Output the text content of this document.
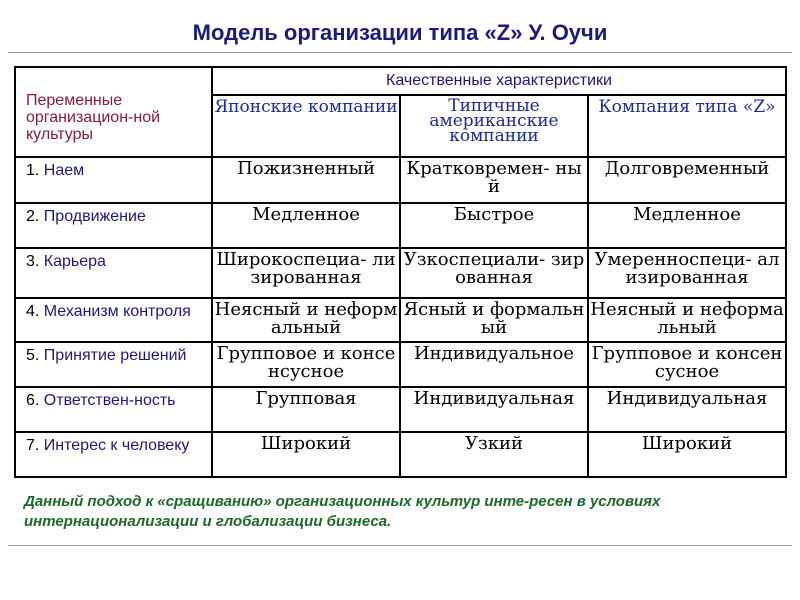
Модель организации типа «Z» У. Оучи
Переменные организацион-ной культуры	Качественные характеристики		

	Японские компании	Типичные американские компании	Компания типа «Z»

1. Наем	Пожизненный	Кратковремен- ный	Долговременный

2. Продвижение	Медленное	Быстрое	Медленное

3. Карьера	Широкоспециа- лизированная	Узкоспециали- зированная	Умеренноспеци- ализированная

4. Механизм контроля	Неясный и неформальный	Ясный и формальный	Неясный и неформальный

5. Принятие решений	Групповое и консенсусное	Индивидуальное	Групповое и консенсусное

6. Ответствен-ность	Групповая	Индивидуальная	Индивидуальная

7. Интерес к человеку	Широкий	Узкий	Широкий
Данный подход к «сращиванию» организационных культур инте-ресен в условиях интернационализации и глобализации бизнеса.
